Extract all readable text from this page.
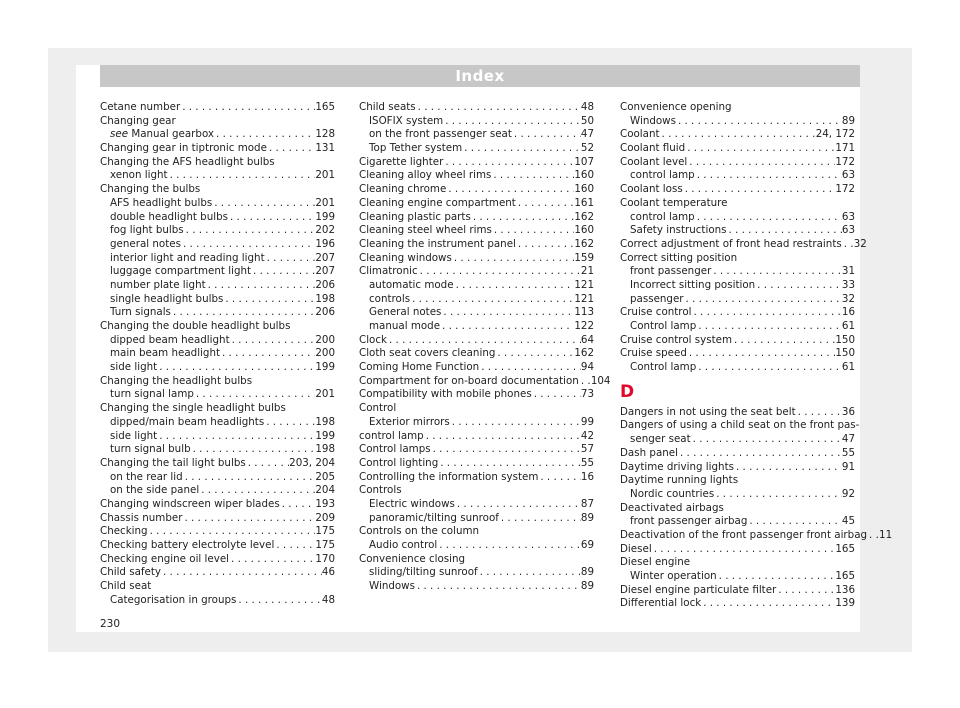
Index
Cetane number . . .	165
Changing gear
see Manual gearbox . . .	128
Changing gear in tiptronic mode . . .	131
Changing the AFS headlight bulbs
xenon light . . .	201
Changing the bulbs
AFS headlight bulbs . . .	201
double headlight bulbs . . .	199
fog light bulbs . . .	202
general notes . . .	196
interior light and reading light . . .	207
luggage compartment light . . .	207
number plate light . . .	206
single headlight bulbs . . .	198
Turn signals . . .	206
Changing the double headlight bulbs
dipped beam headlight . . .	200
main beam headlight . . .	200
side light . . .	199
Changing the headlight bulbs
turn signal lamp . . .	201
Changing the single headlight bulbs
dipped/main beam headlights . . .	198
side light . . .	199
turn signal bulb . . .	198
Changing the tail light bulbs . . .	203, 204
on the rear lid . . .	205
on the side panel . . .	204
Changing windscreen wiper blades . . .	193
Chassis number . . .	209
Checking . . .	175
Checking battery electrolyte level . . .	175
Checking engine oil level . . .	170
Child safety . . .	46
Child seat
Categorisation in groups . . .	48
Child seats . . .	48
ISOFIX system . . .	50
on the front passenger seat . . .	47
Top Tether system . . .	52
Cigarette lighter . . .	107
Cleaning alloy wheel rims . . .	160
Cleaning chrome . . .	160
Cleaning engine compartment . . .	161
Cleaning plastic parts . . .	162
Cleaning steel wheel rims . . .	160
Cleaning the instrument panel . . .	162
Cleaning windows . . .	159
Climatronic . . .	21
automatic mode . . .	121
controls . . .	121
General notes . . .	113
manual mode . . .	122
Clock . . .	64
Cloth seat covers cleaning . . .	162
Coming Home Function . . .	94
Compartment for on-board documentation . . . 104
Compatibility with mobile phones . . .	73
Control
Exterior mirrors . . .	99
control lamp . . .	42
Control lamps . . .	57
Control lighting . . .	55
Controlling the information system . . .	16
Controls
Electric windows . . .	87
panoramic/tilting sunroof . . .	89
Controls on the column
Audio control . . .	69
Convenience closing
sliding/tilting sunroof . . .	89
Windows . . .	89
Convenience opening
Windows . . .	89
Coolant . . .	24, 172
Coolant fluid . . .	171
Coolant level . . .	172
control lamp . . .	63
Coolant loss . . .	172
Coolant temperature
control lamp . . .	63
Safety instructions . . .	63
Correct adjustment of front head restraints . . . 32
Correct sitting position
front passenger . . .	31
Incorrect sitting position . . .	33
passenger . . .	32
Cruise control . . .	16
Control lamp . . .	61
Cruise control system . . .	150
Cruise speed . . .	150
Control lamp . . .	61
D
Dangers in not using the seat belt . . .	36
Dangers of using a child seat on the front pas-
senger seat . . .	47
Dash panel . . .	55
Daytime driving lights . . .	91
Daytime running lights
Nordic countries . . .	92
Deactivated airbags
front passenger airbag . . .	45
Deactivation of the front passenger front airbag . . . 11
Diesel . . .	165
Diesel engine
Winter operation . . .	165
Diesel engine particulate filter . . .	136
Differential lock . . .	139
230
